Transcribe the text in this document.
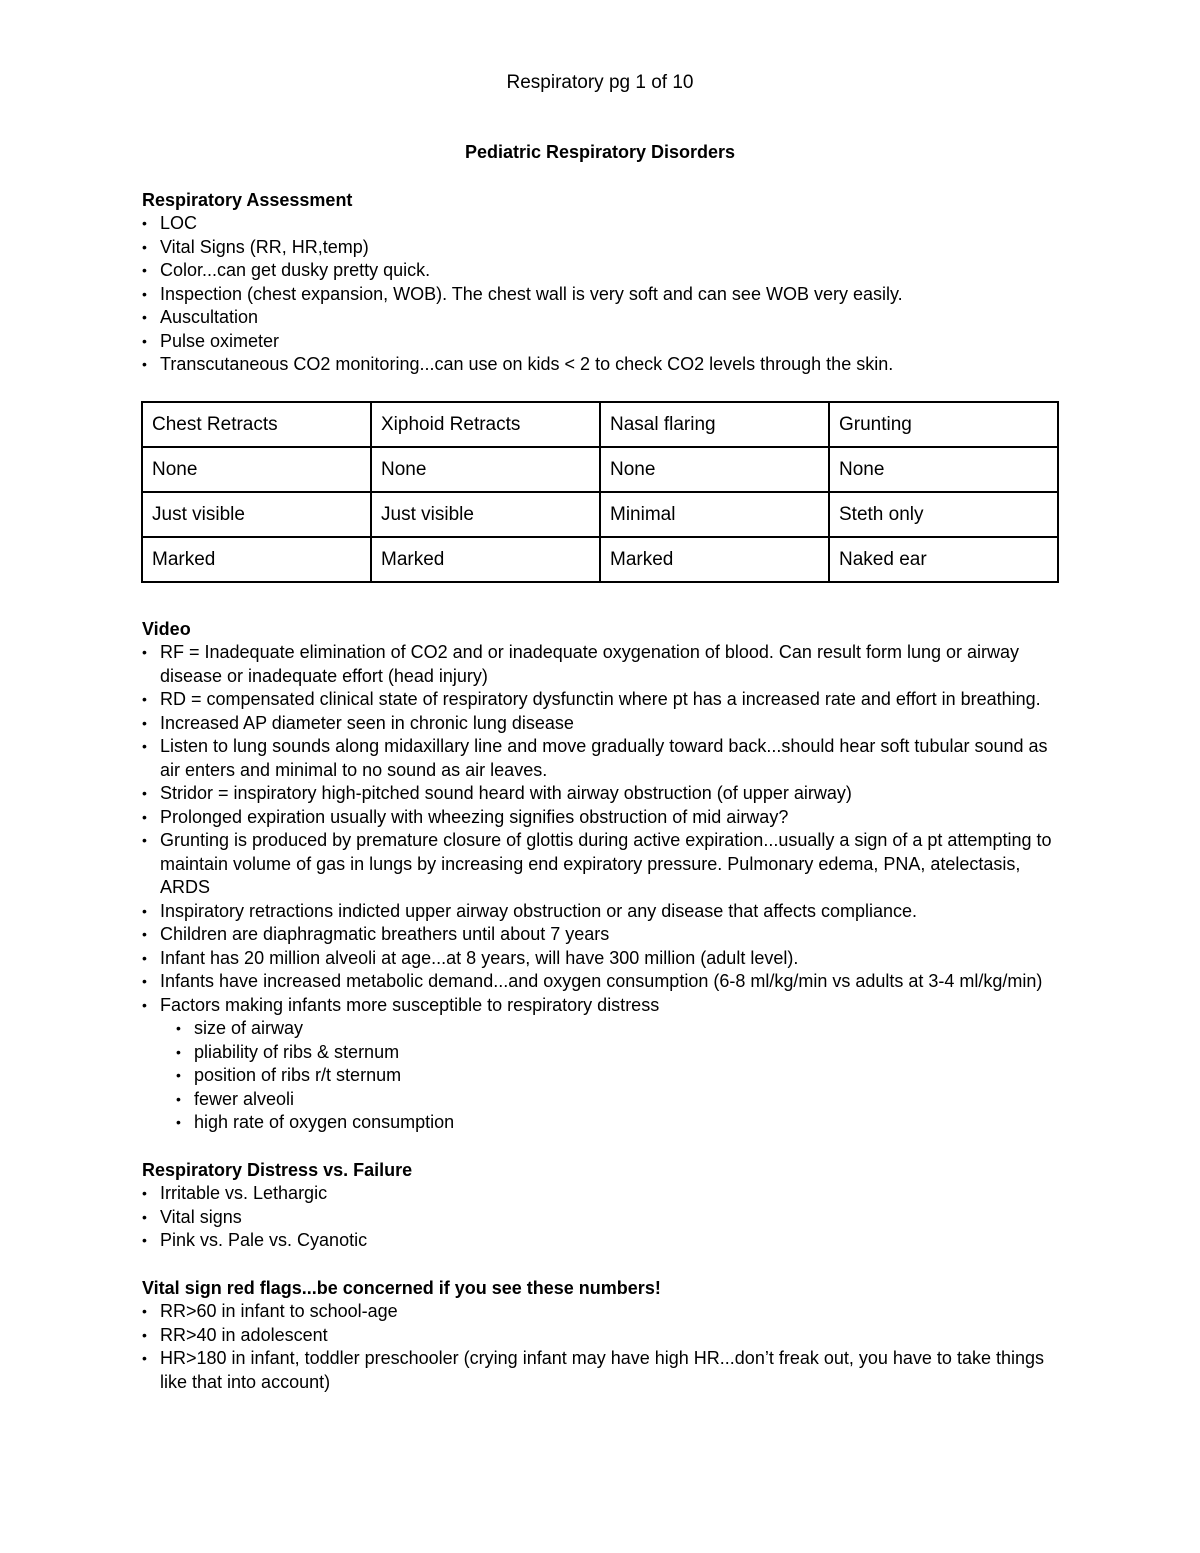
Respiratory pg 1 of 10
Pediatric Respiratory Disorders
Respiratory Assessment
• LOC
• Vital Signs (RR, HR,temp)
• Color...can get dusky pretty quick.
• Inspection (chest expansion, WOB). The chest wall is very soft and can see WOB very easily.
• Auscultation
• Pulse oximeter
• Transcutaneous CO2 monitoring...can use on kids < 2 to check CO2 levels through the skin.
Chest Retracts	Xiphoid Retracts	Nasal flaring	Grunting
None	None	None	None
Just visible	Just visible	Minimal	Steth only
Marked	Marked	Marked	Naked ear
Video
• RF = Inadequate elimination of CO2 and or inadequate oxygenation of blood. Can result form lung or airway disease or inadequate effort (head injury)
• RD = compensated clinical state of respiratory dysfunctin where pt has a increased rate and effort in breathing.
• Increased AP diameter seen in chronic lung disease
• Listen to lung sounds along midaxillary line and move gradually toward back...should hear soft tubular sound as air enters and minimal to no sound as air leaves.
• Stridor = inspiratory high-pitched sound heard with airway obstruction (of upper airway)
• Prolonged expiration usually with wheezing signifies obstruction of mid airway?
• Grunting is produced by premature closure of glottis during active expiration...usually a sign of a pt attempting to maintain volume of gas in lungs by increasing end expiratory pressure. Pulmonary edema, PNA, atelectasis, ARDS
• Inspiratory retractions indicted upper airway obstruction or any disease that affects compliance.
• Children are diaphragmatic breathers until about 7 years
• Infant has 20 million alveoli at age...at 8 years, will have 300 million (adult level).
• Infants have increased metabolic demand...and oxygen consumption (6-8 ml/kg/min vs adults at 3-4 ml/kg/min)
• Factors making infants more susceptible to respiratory distress
• size of airway
• pliability of ribs & sternum
• position of ribs r/t sternum
• fewer alveoli
• high rate of oxygen consumption
Respiratory Distress vs. Failure
• Irritable vs. Lethargic
• Vital signs
• Pink vs. Pale vs. Cyanotic
Vital sign red flags...be concerned if you see these numbers!
• RR>60 in infant to school-age
• RR>40 in adolescent
• HR>180 in infant, toddler preschooler (crying infant may have high HR...don’t freak out, you have to take things like that into account)
